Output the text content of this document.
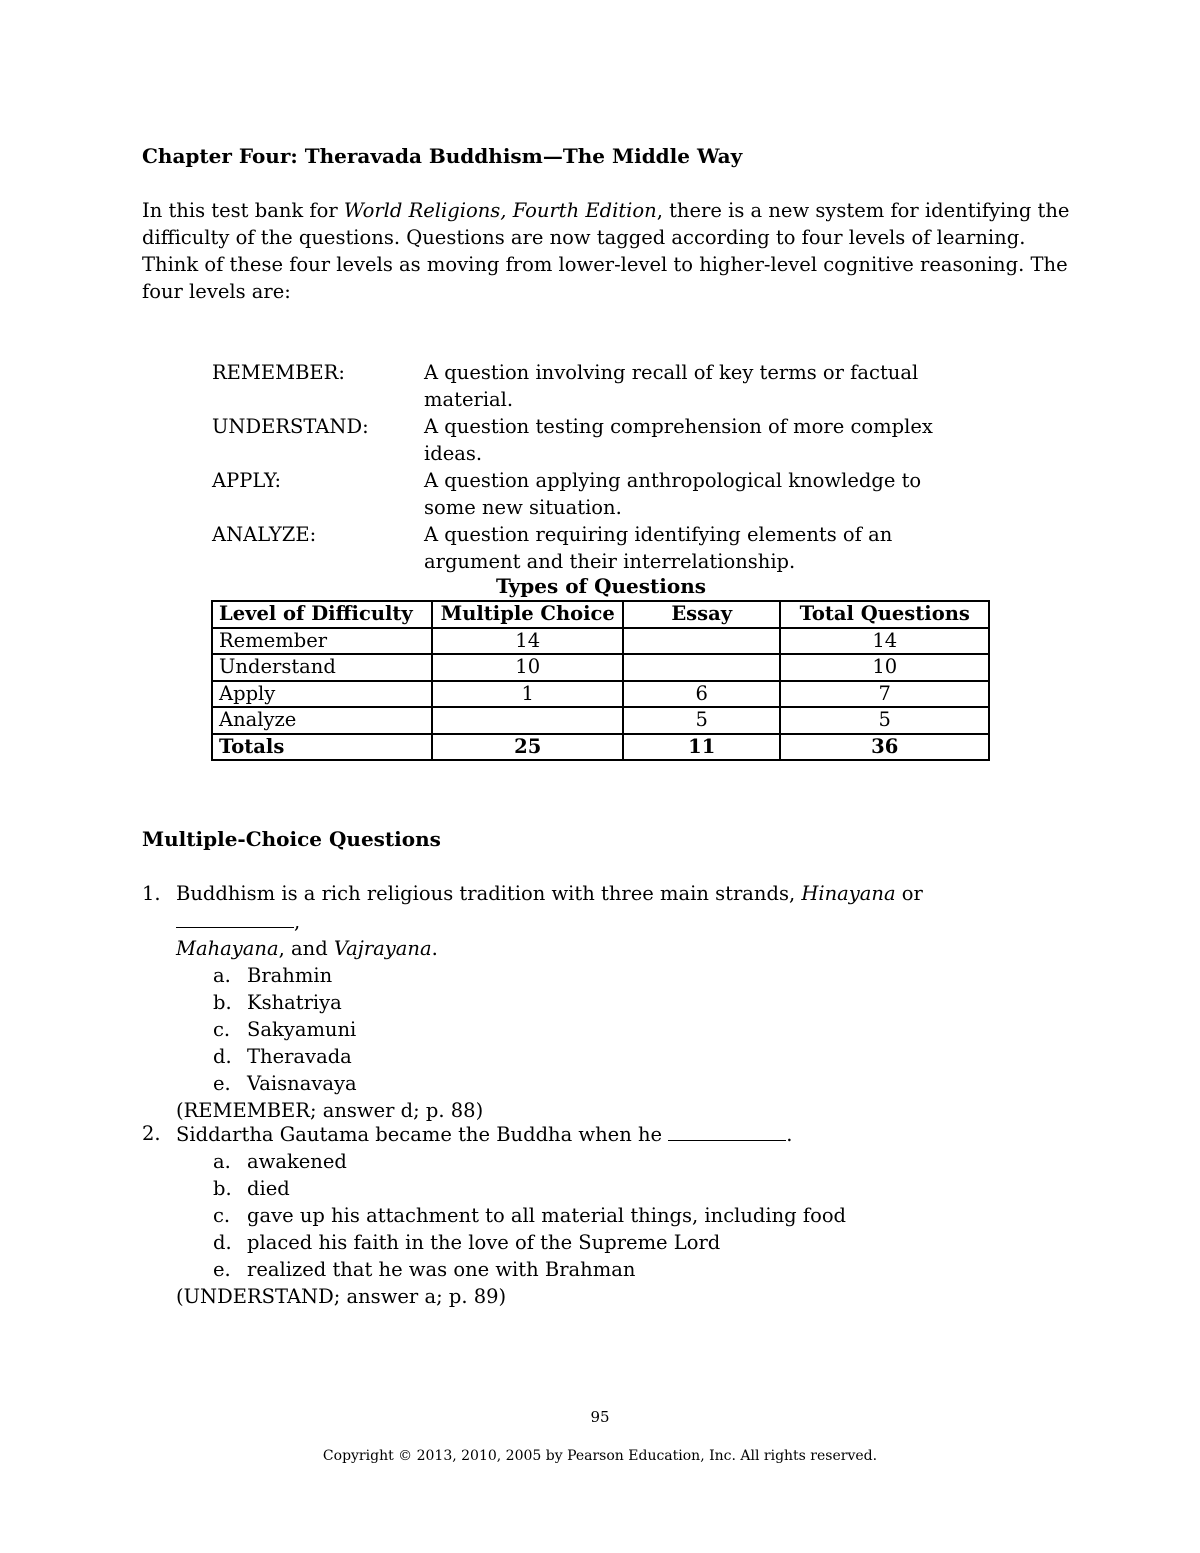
Chapter Four: Theravada Buddhism—The Middle Way

In this test bank for World Religions, Fourth Edition, there is a new system for identifying the difficulty of the questions. Questions are now tagged according to four levels of learning. Think of these four levels as moving from lower-level to higher-level cognitive reasoning. The four levels are:

REMEMBER:	A question involving recall of key terms or factual material.
UNDERSTAND:	A question testing comprehension of more complex ideas.
APPLY:	A question applying anthropological knowledge to some new situation.
ANALYZE:	A question requiring identifying elements of an argument and their interrelationship.
Types of Questions
Level of Difficulty	Multiple Choice	Essay	Total Questions
Remember	14		14
Understand	10		10
Apply	1	6	7
Analyze		5	5
Totals	25	11	36
Multiple-Choice Questions
1. Buddhism is a rich religious tradition with three main strands, Hinayana or ,
Mahayana, and Vajrayana.
a. Brahmin
b. Kshatriya
c. Sakyamuni
d. Theravada
e. Vaisnavaya
(REMEMBER; answer d; p. 88)
2. Siddartha Gautama became the Buddha when he	.
a. awakened
b. died
c. gave up his attachment to all material things, including food
d. placed his faith in the love of the Supreme Lord
e. realized that he was one with Brahman
(UNDERSTAND; answer a; p. 89)
95
Copyright © 2013, 2010, 2005 by Pearson Education, Inc. All rights reserved.
